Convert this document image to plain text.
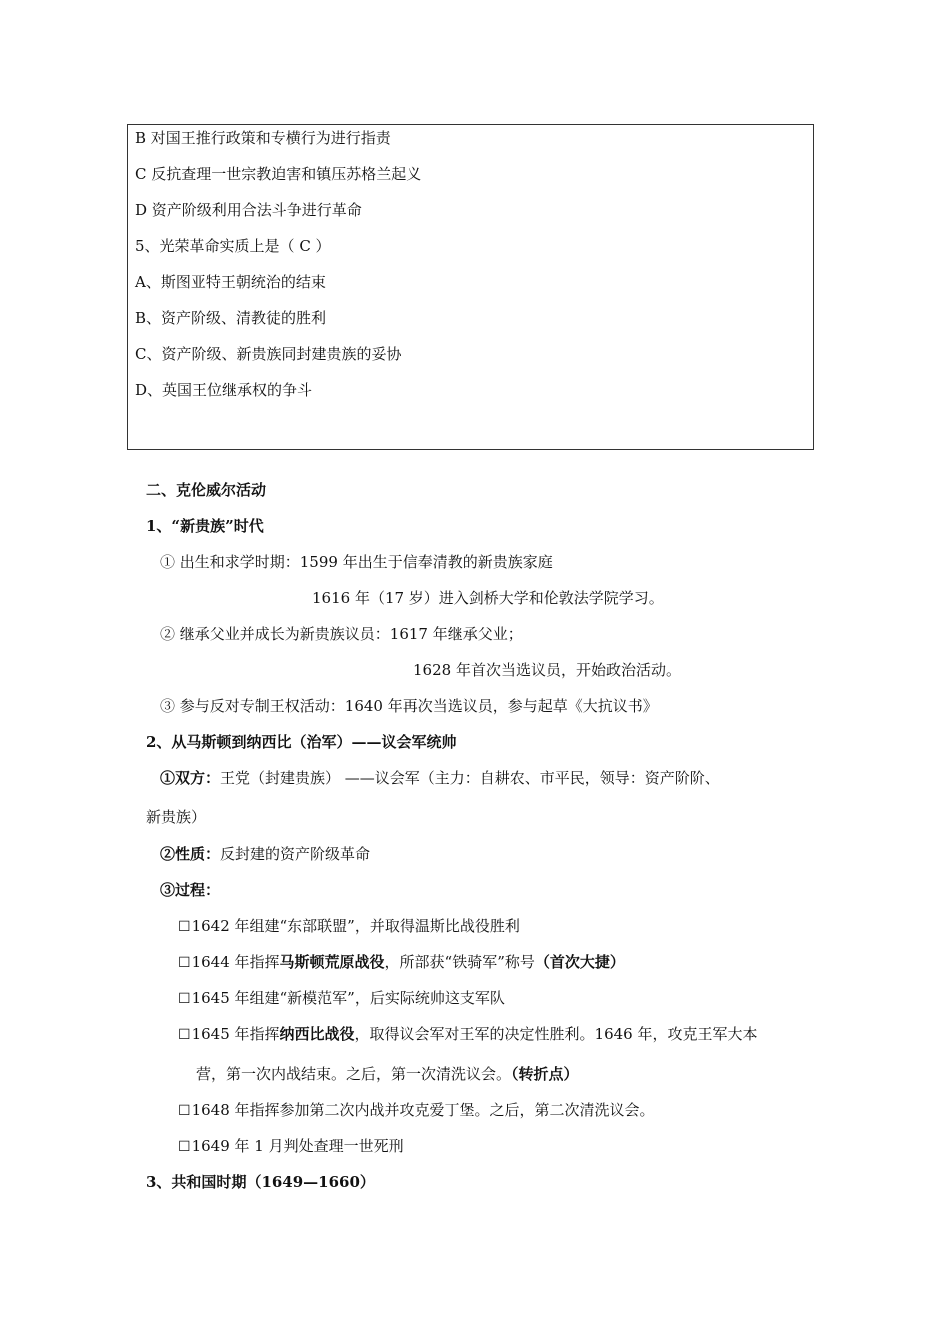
B 对国王推行政策和专横行为进行指责
C 反抗查理一世宗教迫害和镇压苏格兰起义
D 资产阶级利用合法斗争进行革命
5、光荣革命实质上是（ C ）
A、斯图亚特王朝统治的结束
B、资产阶级、清教徒的胜利
C、资产阶级、新贵族同封建贵族的妥协
D、英国王位继承权的争斗
二、克伦威尔活动
1、“新贵族”时代
① 出生和求学时期：1599 年出生于信奉清教的新贵族家庭
1616 年（17 岁）进入剑桥大学和伦敦法学院学习。
② 继承父业并成长为新贵族议员：1617 年继承父业；
1628 年首次当选议员，开始政治活动。
③ 参与反对专制王权活动：1640 年再次当选议员，参与起草《大抗议书》
2、从马斯顿到纳西比（治军）——议会军统帅
①双方：王党（封建贵族） ——议会军（主力：自耕农、市平民，领导：资产阶阶、
新贵族）
②性质：反封建的资产阶级革命
③过程：
☐1642 年组建“东部联盟”，并取得温斯比战役胜利
☐1644 年指挥马斯顿荒原战役，所部获“铁骑军”称号（首次大捷）
☐1645 年组建“新模范军”，后实际统帅这支军队
☐1645 年指挥纳西比战役，取得议会军对王军的决定性胜利。1646 年，攻克王军大本
营，第一次内战结束。之后，第一次清洗议会。（转折点）
☐1648 年指挥参加第二次内战并攻克爱丁堡。之后，第二次清洗议会。
☐1649 年 1 月判处查理一世死刑
3、共和国时期（1649—1660）
